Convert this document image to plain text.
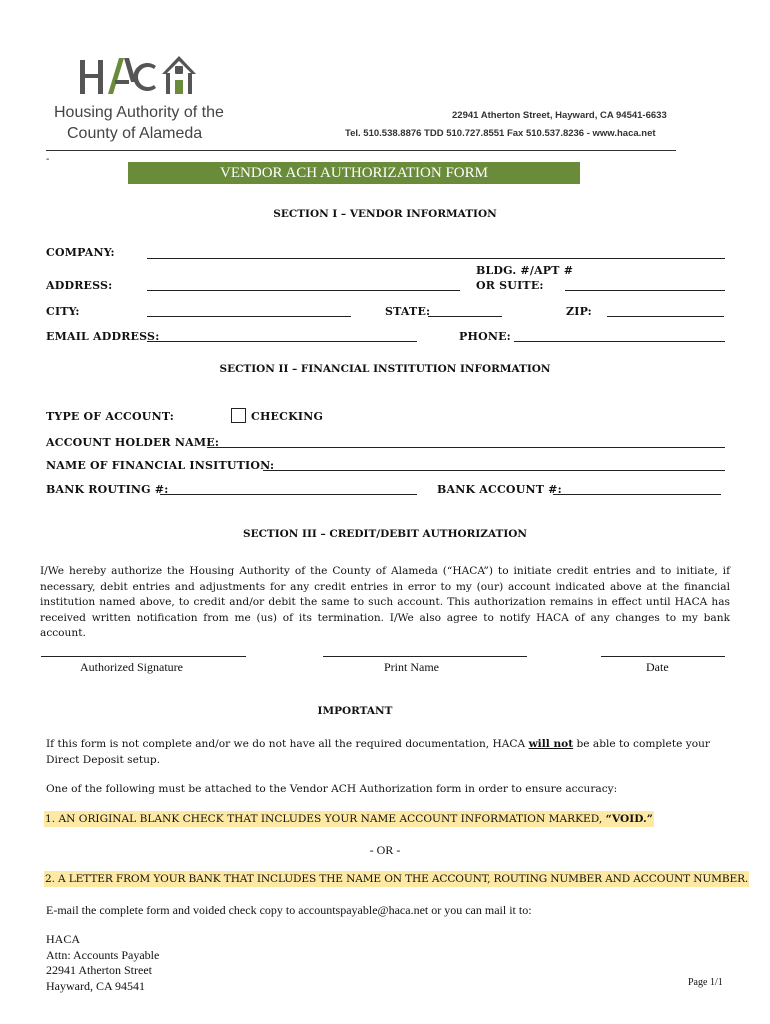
Housing Authority of the
County of Alameda
22941 Atherton Street, Hayward, CA 94541-6633
Tel. 510.538.8876 TDD 510.727.8551 Fax 510.537.8236 - www.haca.net
-
VENDOR ACH AUTHORIZATION FORM
SECTION I – VENDOR INFORMATION
COMPANY:
BLDG. #/APT #
ADDRESS:	OR SUITE:
CITY:	STATE:	ZIP:
EMAIL ADDRESS:	PHONE:
SECTION II – FINANCIAL INSTITUTION INFORMATION
TYPE OF ACCOUNT:	CHECKING
ACCOUNT HOLDER NAME:
NAME OF FINANCIAL INSITUTION:
BANK ROUTING #:	BANK ACCOUNT #:
SECTION III – CREDIT/DEBIT AUTHORIZATION
I/We hereby authorize the Housing Authority of the County of Alameda (“HACA”) to initiate credit entries and to initiate, if necessary, debit entries and adjustments for any credit entries in error to my (our) account indicated above at the financial institution named above, to credit and/or debit the same to such account. This authorization remains in effect until HACA has received written notification from me (us) of its termination. I/We also agree to notify HACA of any changes to my bank account.
Authorized Signature	Print Name	Date
IMPORTANT
If this form is not complete and/or we do not have all the required documentation, HACA will not be able to complete your Direct Deposit setup.
One of the following must be attached to the Vendor ACH Authorization form in order to ensure accuracy:
1. AN ORIGINAL BLANK CHECK THAT INCLUDES YOUR NAME ACCOUNT INFORMATION MARKED, “VOID.”
- OR -
2. A LETTER FROM YOUR BANK THAT INCLUDES THE NAME ON THE ACCOUNT, ROUTING NUMBER AND ACCOUNT NUMBER.
E-mail the complete form and voided check copy to accountspayable@haca.net or you can mail it to:
HACA
Attn: Accounts Payable
22941 Atherton Street
Hayward, CA 94541	Page 1/1
